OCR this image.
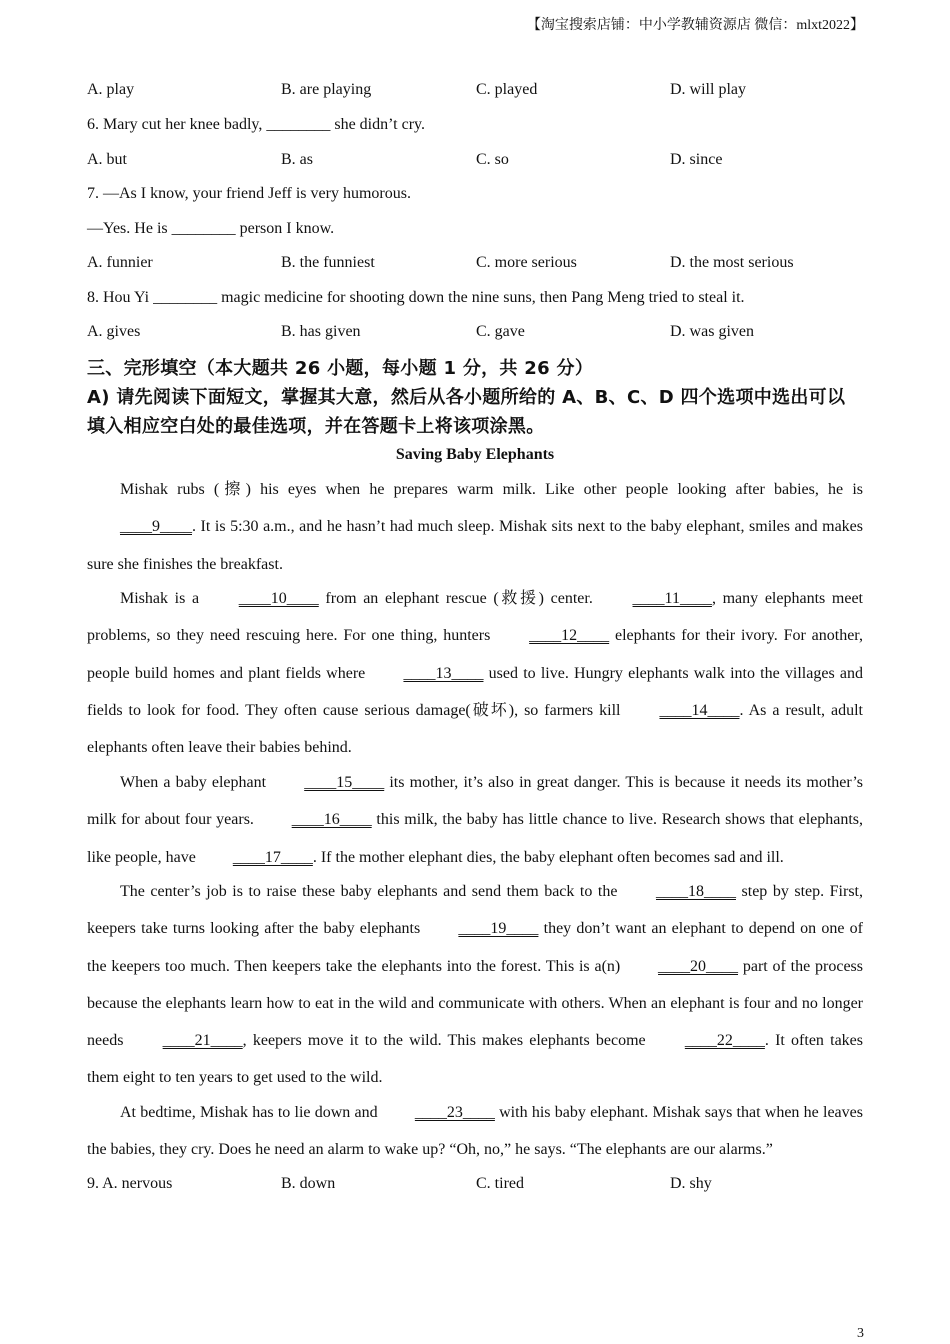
【淘宝搜索店铺：中小学教辅资源店 微信：mlxt2022】
A. play	B. are playing	C. played	D. will play
6. Mary cut her knee badly, ________ she didn’t cry.
A. but	B. as	C. so	D. since
7. —As I know, your friend Jeff is very humorous.
—Yes. He is ________ person I know.
A. funnier	B. the funniest	C. more serious	D. the most serious
8. Hou Yi ________ magic medicine for shooting down the nine suns, then Pang Meng tried to steal it.
A. gives	B. has given	C. gave	D. was given
三、完形填空（本大题共 26 小题，每小题 1 分，共 26 分）
A) 请先阅读下面短文，掌握其大意，然后从各小题所给的 A、B、C、D 四个选项中选出可以
填入相应空白处的最佳选项，并在答题卡上将该项涂黑。
Saving Baby Elephants
Mishak rubs (擦) his eyes when he prepares warm milk. Like other people looking after babies, he is ____9____. It is 5:30 a.m., and he hasn’t had much sleep. Mishak sits next to the baby elephant, smiles and makes sure she finishes the breakfast.
Mishak is a ____10____ from an elephant rescue (救援) center. ____11____, many elephants meet problems, so they need rescuing here. For one thing, hunters ____12____ elephants for their ivory. For another, people build homes and plant fields where ____13____ used to live. Hungry elephants walk into the villages and fields to look for food. They often cause serious damage(破坏), so farmers kill ____14____. As a result, adult elephants often leave their babies behind.
When a baby elephant ____15____ its mother, it’s also in great danger. This is because it needs its mother’s milk for about four years. ____16____ this milk, the baby has little chance to live. Research shows that elephants, like people, have ____17____. If the mother elephant dies, the baby elephant often becomes sad and ill.
The center’s job is to raise these baby elephants and send them back to the ____18____ step by step. First, keepers take turns looking after the baby elephants ____19____ they don’t want an elephant to depend on one of the keepers too much. Then keepers take the elephants into the forest. This is a(n) ____20____ part of the process because the elephants learn how to eat in the wild and communicate with others. When an elephant is four and no longer needs ____21____, keepers move it to the wild. This makes elephants become ____22____. It often takes them eight to ten years to get used to the wild.
At bedtime, Mishak has to lie down and ____23____ with his baby elephant. Mishak says that when he leaves the babies, they cry. Does he need an alarm to wake up? “Oh, no,” he says. “The elephants are our alarms.”
9. A. nervous	B. down	C. tired	D. shy
3
